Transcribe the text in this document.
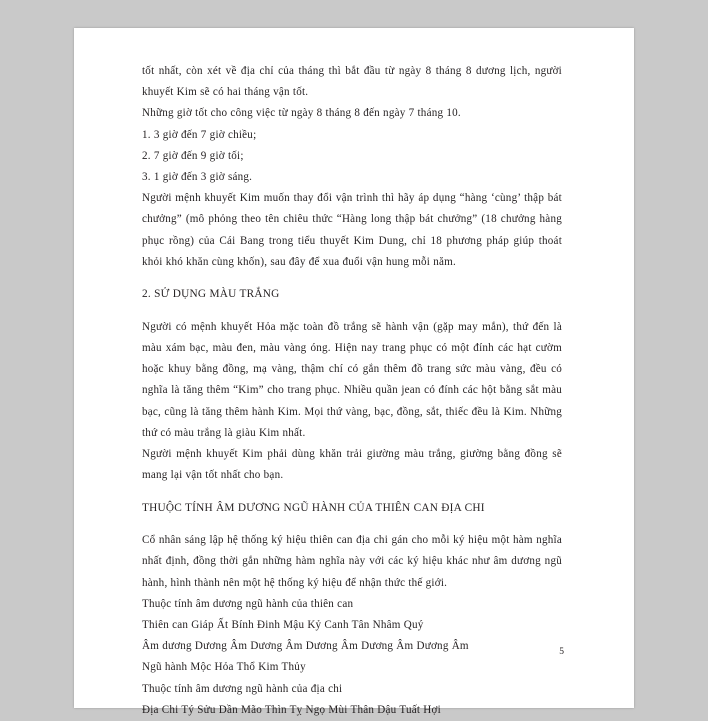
tốt nhất, còn xét về địa chỉ của tháng thì bắt đầu từ ngày 8 tháng 8 dương lịch, người khuyết Kim sẽ có hai tháng vận tốt.

Những giờ tốt cho công việc từ ngày 8 tháng 8 đến ngày 7 tháng 10.

1. 3 giờ đến 7 giờ chiều;

2. 7 giờ đến 9 giờ tối;

3. 1 giờ đến 3 giờ sáng.

Người mệnh khuyết Kim muốn thay đổi vận trình thì hãy áp dụng “hàng ‘cùng’ thập bát chưởng” (mô phỏng theo tên chiêu thức “Hàng long thập bát chưởng” (18 chưởng hàng phục rồng) của Cái Bang trong tiểu thuyết Kim Dung, chỉ 18 phương pháp giúp thoát khỏi khó khăn cùng khốn), sau đây để xua đuổi vận hung mỗi năm.

2. SỬ DỤNG MÀU TRẮNG

Người có mệnh khuyết Hỏa mặc toàn đồ trắng sẽ hành vận (gặp may mắn), thứ đến là màu xám bạc, màu đen, màu vàng óng. Hiện nay trang phục có một đính các hạt cườm hoặc khuy bằng đồng, mạ vàng, thậm chí có gắn thêm đồ trang sức màu vàng, đều có nghĩa là tăng thêm “Kim” cho trang phục. Nhiều quần jean có đính các hột bằng sắt màu bạc, cũng là tăng thêm hành Kim. Mọi thứ vàng, bạc, đồng, sắt, thiếc đều là Kim. Những thứ có màu trắng là giàu Kim nhất.

Người mệnh khuyết Kim phải dùng khăn trải giường màu trắng, giường bằng đồng sẽ mang lại vận tốt nhất cho bạn.

THUỘC TÍNH ÂM DƯƠNG NGŨ HÀNH CỦA THIÊN CAN ĐỊA CHI

Cổ nhân sáng lập hệ thống ký hiệu thiên can địa chi gán cho mỗi ký hiệu một hàm nghĩa nhất định, đồng thời gắn những hàm nghĩa này với các ký hiệu khác như âm dương ngũ hành, hình thành nên một hệ thống ký hiệu để nhận thức thế giới.

Thuộc tính âm dương ngũ hành của thiên can

Thiên can Giáp Ất Bính Đinh Mậu Kỷ Canh Tân Nhâm Quý

Âm dương Dương Âm Dương Âm Dương Âm Dương Âm Dương Âm

Ngũ hành Mộc Hỏa Thổ Kim Thủy

Thuộc tính âm dương ngũ hành của địa chi

Địa Chi Tý Sửu Dần Mão Thìn Tỵ Ngọ Mùi Thân Dậu Tuất Hợi

5
